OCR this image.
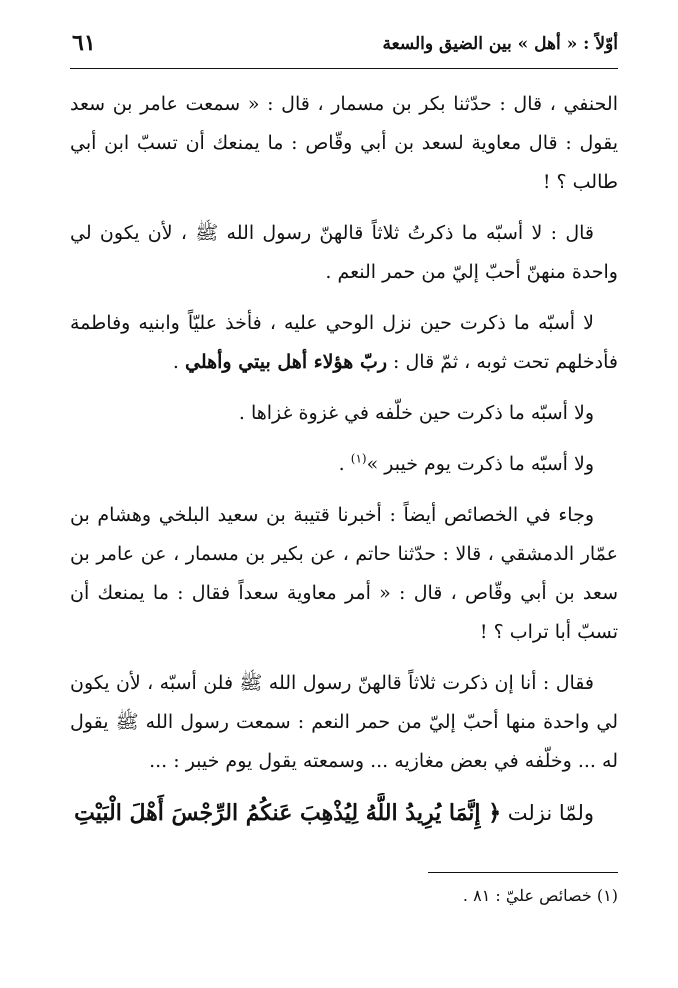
أوّلاً : « أهل » بين الضيق والسعة
٦١

الحنفي ، قال : حدّثنا بكر بن مسمار ، قال : « سمعت عامر بن سعد يقول : قال معاوية لسعد بن أبي وقّاص : ما يمنعك أن تسبّ ابن أبي طالب ؟ !

قال : لا أسبّه ما ذكرتُ ثلاثاً قالهنّ رسول الله ﷺ ، لأن يكون لي واحدة منهنّ أحبّ إليّ من حمر النعم .

لا أسبّه ما ذكرت حين نزل الوحي عليه ، فأخذ عليّاً وابنيه وفاطمة فأدخلهم تحت ثوبه ، ثمّ قال : ربّ هؤلاء أهل بيتي وأهلي .

ولا أسبّه ما ذكرت حين خلّفه في غزوة غزاها .

ولا أسبّه ما ذكرت يوم خيبر »$^{(١)}$ .

وجاء في الخصائص أيضاً : أخبرنا قتيبة بن سعيد البلخي وهشام بن عمّار الدمشقي ، قالا : حدّثنا حاتم ، عن بكير بن مسمار ، عن عامر بن سعد بن أبي وقّاص ، قال : « أمر معاوية سعداً فقال : ما يمنعك أن تسبّ أبا تراب ؟ !

فقال : أنا إن ذكرت ثلاثاً قالهنّ رسول الله ﷺ فلن أسبّه ، لأن يكون لي واحدة منها أحبّ إليّ من حمر النعم : سمعت رسول الله ﷺ يقول له ... وخلّفه في بعض مغازيه ... وسمعته يقول يوم خيبر : ...

ولمّا نزلت ﴿ إِنَّمَا يُرِيدُ اللَّهُ لِيُذْهِبَ عَنكُمُ الرِّجْسَ أَهْلَ الْبَيْتِ

(١) خصائص عليّ : ٨١ .
